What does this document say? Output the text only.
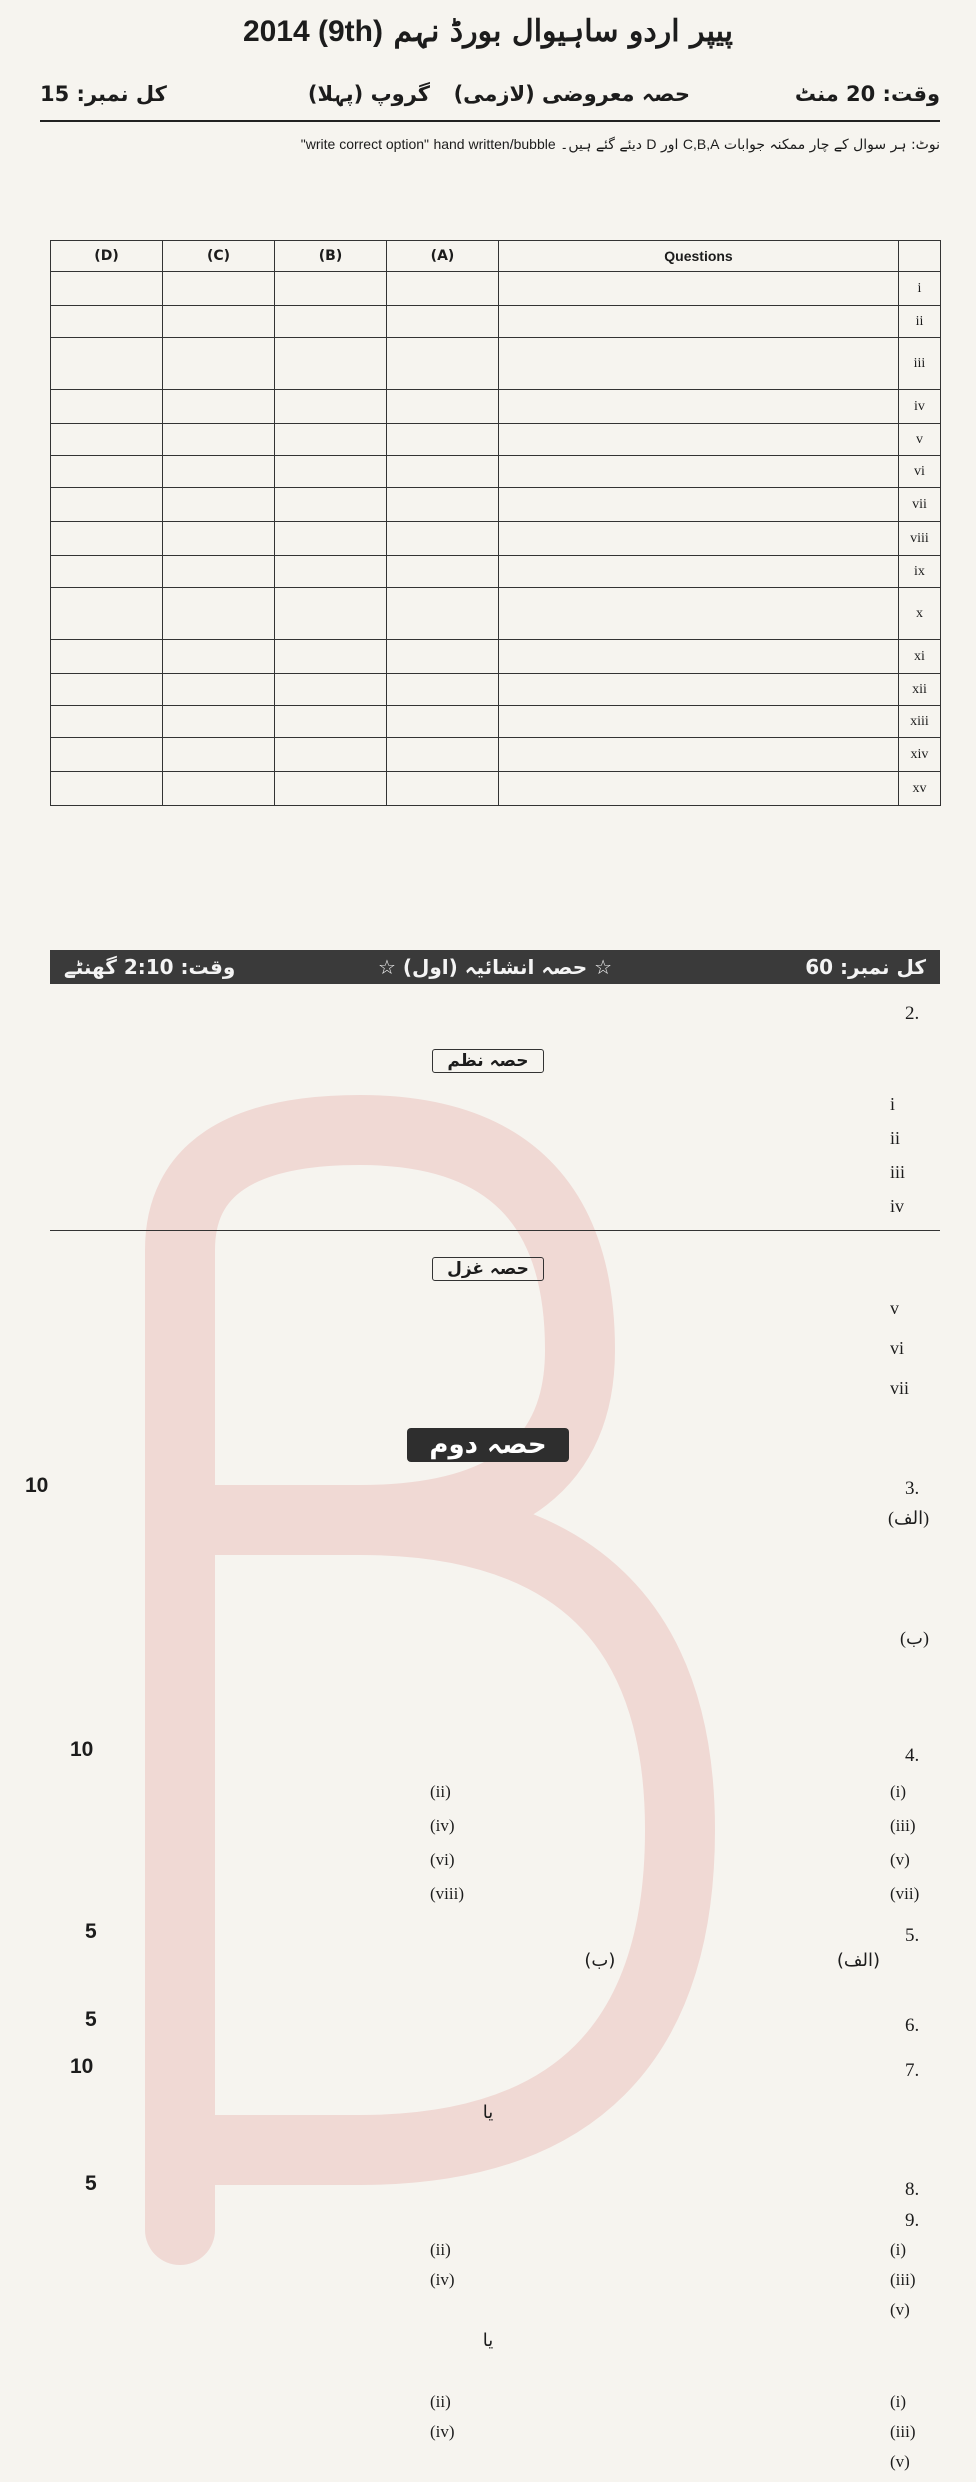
پیپر اردو ساہیوال بورڈ نہم 2014 (9th)
وقت: 20 منٹ
حصہ معروضی (لازمی)
گروپ (پہلا)
کل نمبر: 15
نوٹ: ہر سوال کے چار ممکنہ جوابات C,B,A اور D دیئے گئے ہیں۔ "write correct option" hand written/bubble
(D)	(C)	(B)	(A)	Questions	
					i
					ii
					iii
					iv
					v
					vi
					vii
					viii
					ix
					x
					xi
					xii
					xiii
					xiv
					xv
کل نمبر: 60
☆ حصہ انشائیہ (اول) ☆
وقت: 2:10 گھنٹے
2.
حصہ نظم
i
ii
iii
iv
حصہ غزل
v
vi
vii
حصہ دوم
3.
10
(الف)
(ب)
4.
10
(i)
(ii)
(iii)
(iv)
(v)
(vi)
(vii)
(viii)
5.
5
(الف)  (ب)
6.
5
7.
10
یا
8.
5
9.
(i)
(ii)
(iii)
(iv)
(v)
یا
(i)
(ii)
(iii)
(iv)
(v)
